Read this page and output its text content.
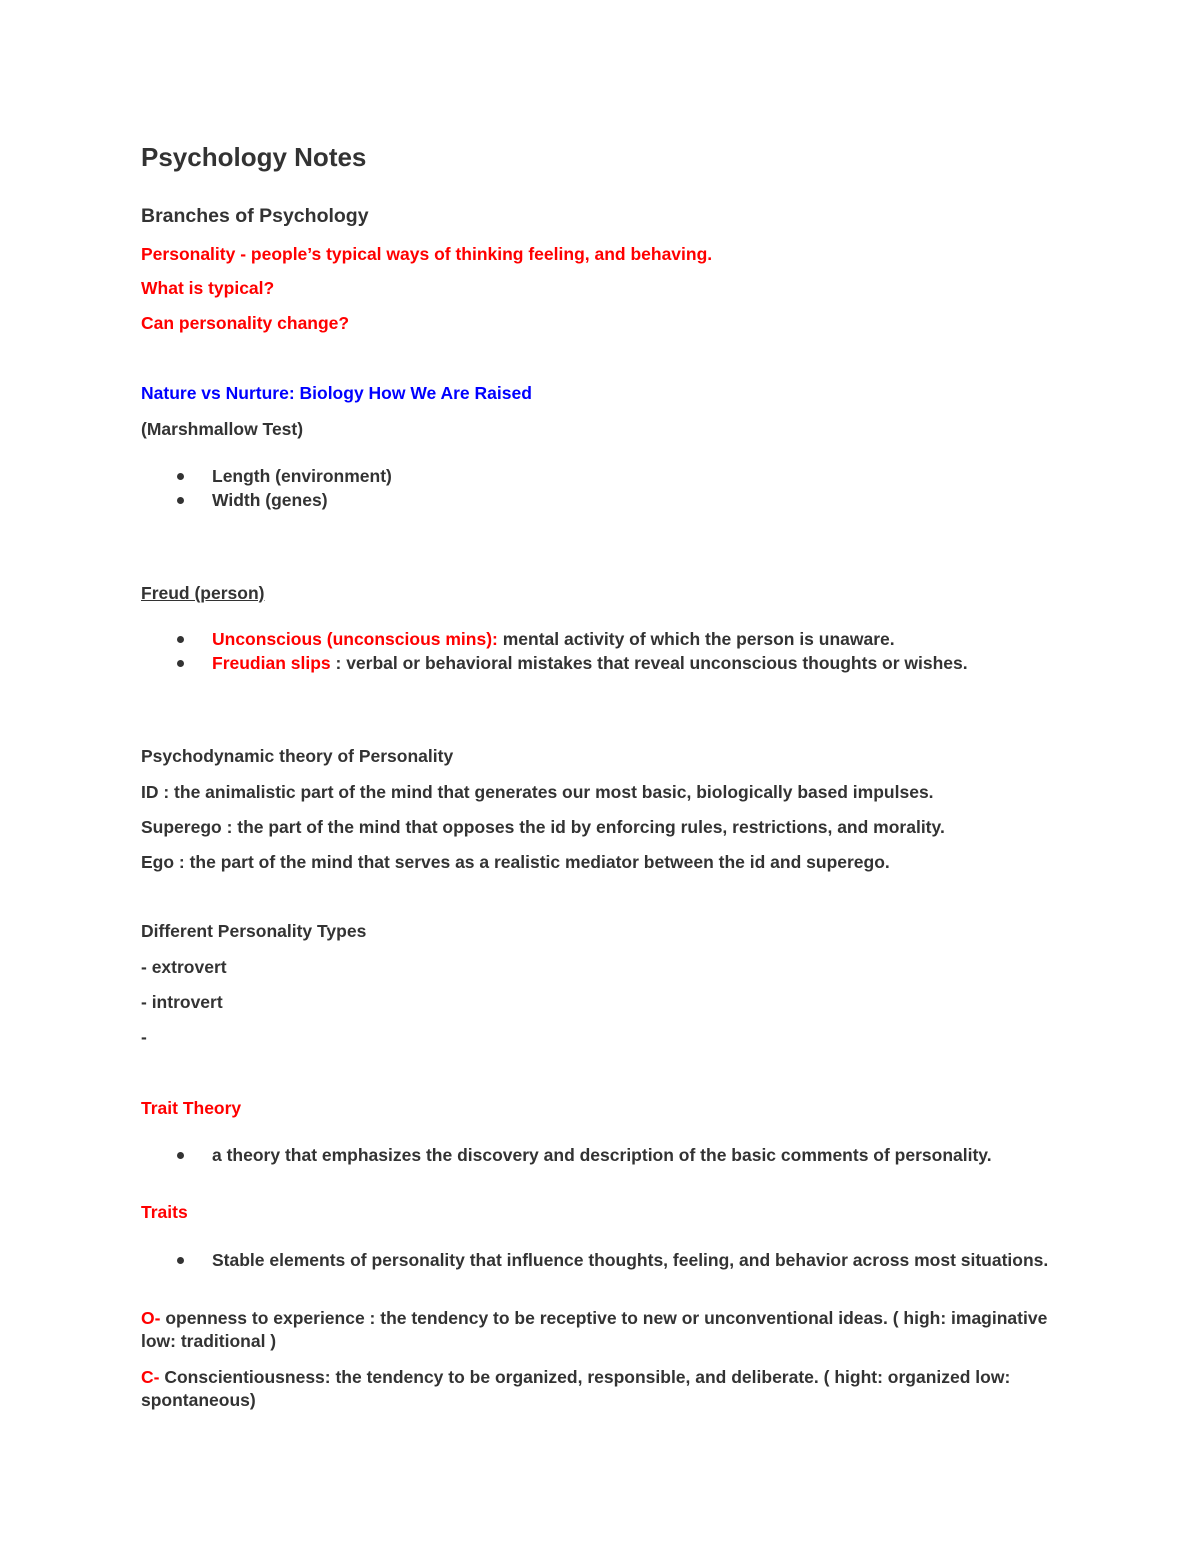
Psychology Notes
Branches of Psychology
Personality - people’s typical ways of thinking feeling, and behaving.
What is typical?
Can personality change?
Nature vs Nurture: Biology How We Are Raised
(Marshmallow Test)
Length (environment)
Width (genes)
Freud (person)
Unconscious (unconscious mins): mental activity of which the person is unaware.
Freudian slips : verbal or behavioral mistakes that reveal unconscious thoughts or wishes.
Psychodynamic theory of Personality
ID : the animalistic part of the mind that generates our most basic, biologically based impulses.
Superego : the part of the mind that opposes the id by enforcing rules, restrictions, and morality.
Ego : the part of the mind that serves as a realistic mediator between the id and superego.
Different Personality Types
- extrovert
- introvert
-
Trait Theory
a theory that emphasizes the discovery and description of the basic comments of personality.
Traits
Stable elements of personality that influence thoughts, feeling, and behavior across most situations.
O- openness to experience : the tendency to be receptive to new or unconventional ideas. ( high: imaginative low: traditional )
C- Conscientiousness: the tendency to be organized, responsible, and deliberate. ( hight: organized low: spontaneous)
